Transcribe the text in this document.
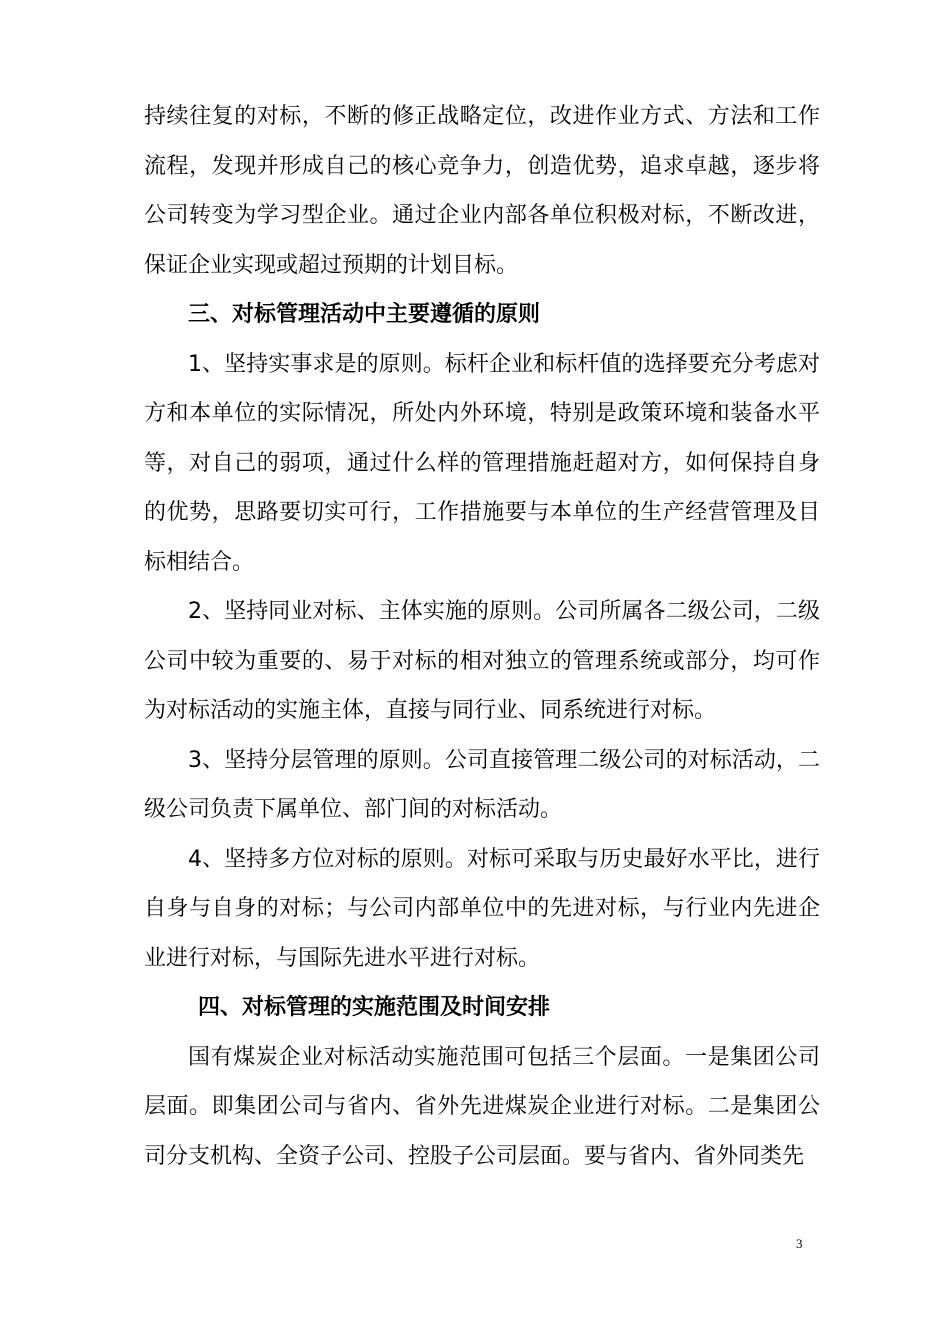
持续往复的对标，不断的修正战略定位，改进作业方式、方法和工作流程，发现并形成自己的核心竞争力，创造优势，追求卓越，逐步将公司转变为学习型企业。通过企业内部各单位积极对标，不断改进，保证企业实现或超过预期的计划目标。

三、对标管理活动中主要遵循的原则

1、坚持实事求是的原则。标杆企业和标杆值的选择要充分考虑对方和本单位的实际情况，所处内外环境，特别是政策环境和装备水平等，对自己的弱项，通过什么样的管理措施赶超对方，如何保持自身的优势，思路要切实可行，工作措施要与本单位的生产经营管理及目标相结合。

2、坚持同业对标、主体实施的原则。公司所属各二级公司，二级公司中较为重要的、易于对标的相对独立的管理系统或部分，均可作为对标活动的实施主体，直接与同行业、同系统进行对标。

3、坚持分层管理的原则。公司直接管理二级公司的对标活动，二级公司负责下属单位、部门间的对标活动。

4、坚持多方位对标的原则。对标可采取与历史最好水平比，进行自身与自身的对标；与公司内部单位中的先进对标，与行业内先进企业进行对标，与国际先进水平进行对标。

四、对标管理的实施范围及时间安排

国有煤炭企业对标活动实施范围可包括三个层面。一是集团公司层面。即集团公司与省内、省外先进煤炭企业进行对标。二是集团公司分支机构、全资子公司、控股子公司层面。要与省内、省外同类先

3
